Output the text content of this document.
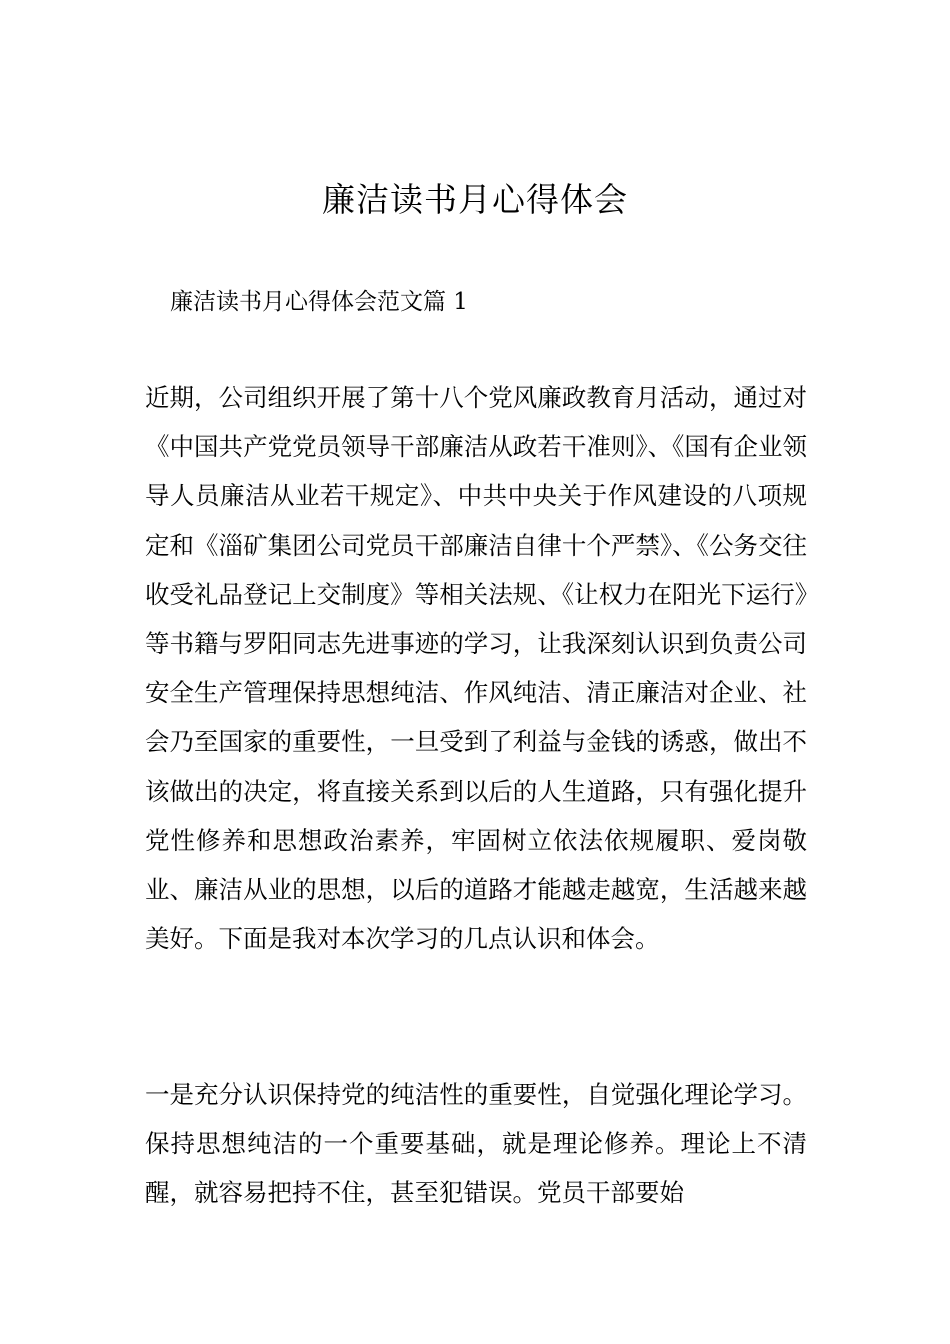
廉洁读书月心得体会

廉洁读书月心得体会范文篇 1

近期，公司组织开展了第十八个党风廉政教育月活动，通过对《中国共产党党员领导干部廉洁从政若干准则》、《国有企业领导人员廉洁从业若干规定》、中共中央关于作风建设的八项规定和《淄矿集团公司党员干部廉洁自律十个严禁》、《公务交往收受礼品登记上交制度》等相关法规、《让权力在阳光下运行》等书籍与罗阳同志先进事迹的学习，让我深刻认识到负责公司安全生产管理保持思想纯洁、作风纯洁、清正廉洁对企业、社会乃至国家的重要性，一旦受到了利益与金钱的诱惑，做出不该做出的决定，将直接关系到以后的人生道路，只有强化提升党性修养和思想政治素养，牢固树立依法依规履职、爱岗敬业、廉洁从业的思想，以后的道路才能越走越宽，生活越来越美好。下面是我对本次学习的几点认识和体会。

一是充分认识保持党的纯洁性的重要性，自觉强化理论学习。保持思想纯洁的一个重要基础，就是理论修养。理论上不清醒，就容易把持不住，甚至犯错误。党员干部要始
